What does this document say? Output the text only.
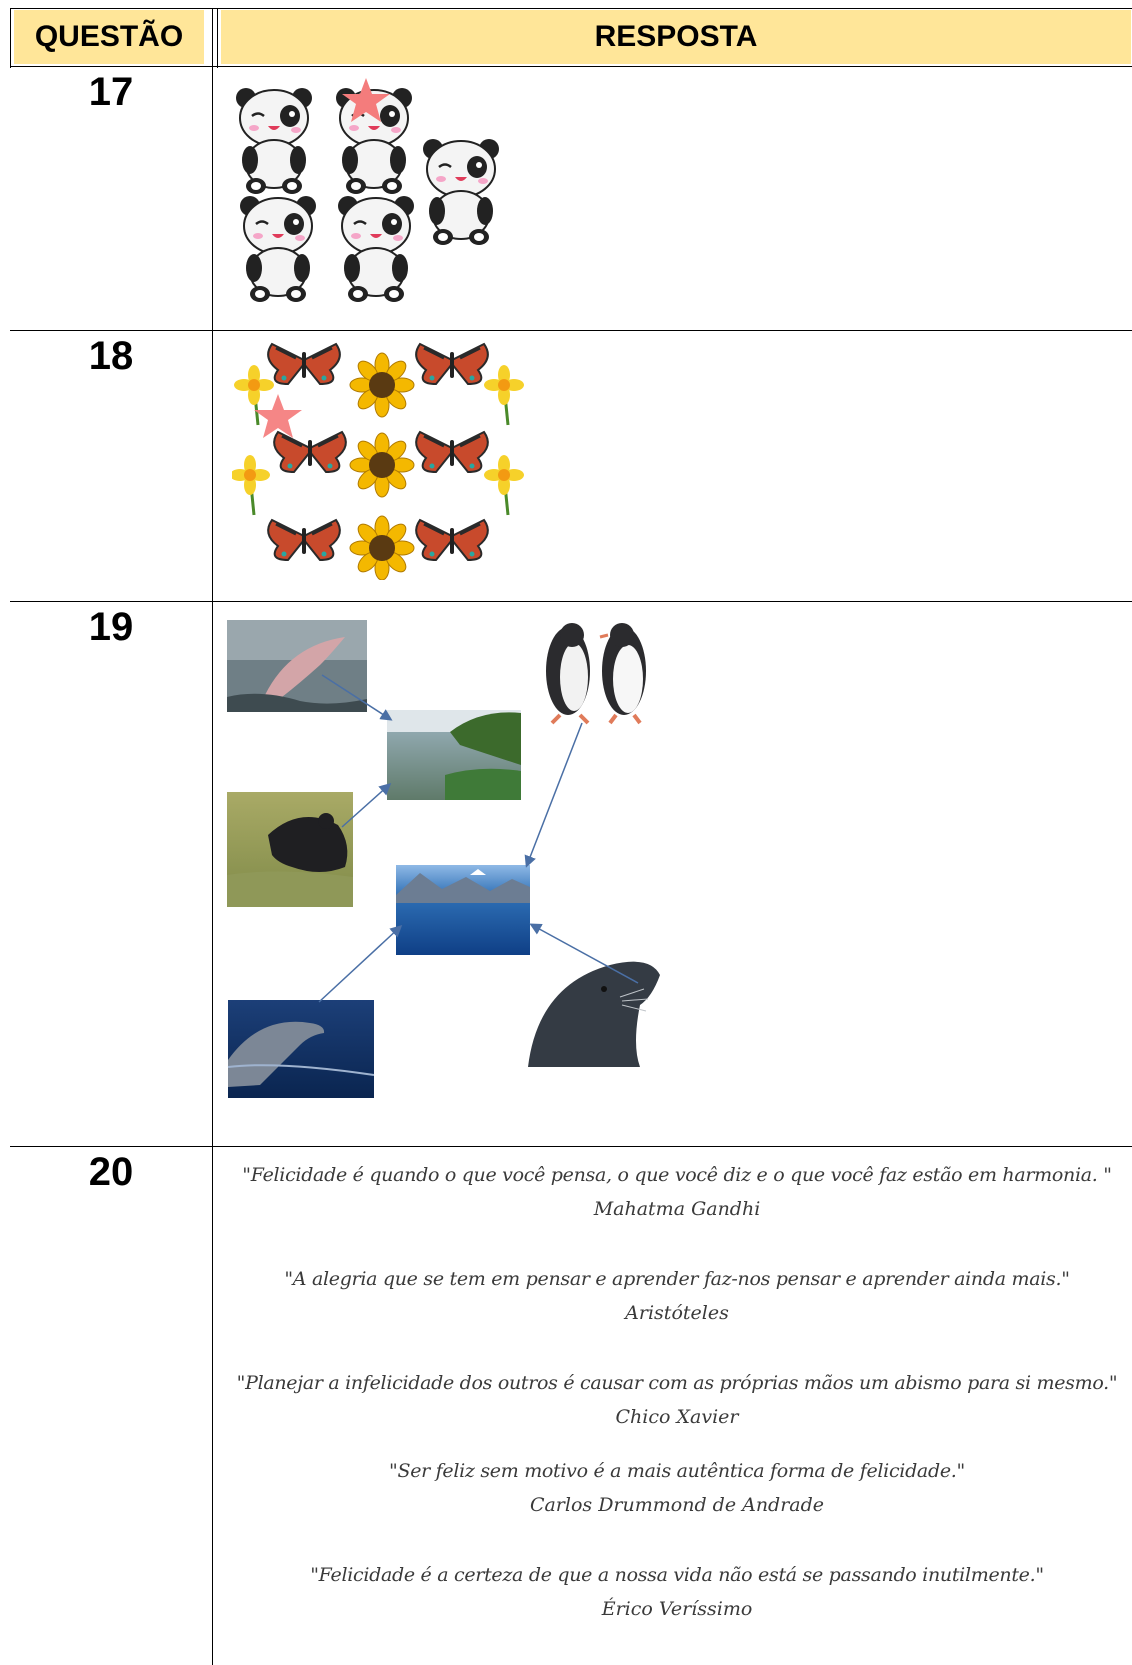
QUESTÃO	RESPOSTA
17
18
19
20	"Felicidade é quando o que você pensa, o que você diz e o que você faz estão em harmonia. "
Mahatma Gandhi
"A alegria que se tem em pensar e aprender faz-nos pensar e aprender ainda mais."
Aristóteles
"Planejar a infelicidade dos outros é causar com as próprias mãos um abismo para si mesmo."
Chico Xavier
"Ser feliz sem motivo é a mais autêntica forma de felicidade."
Carlos Drummond de Andrade
"Felicidade é a certeza de que a nossa vida não está se passando inutilmente."
Érico Veríssimo
